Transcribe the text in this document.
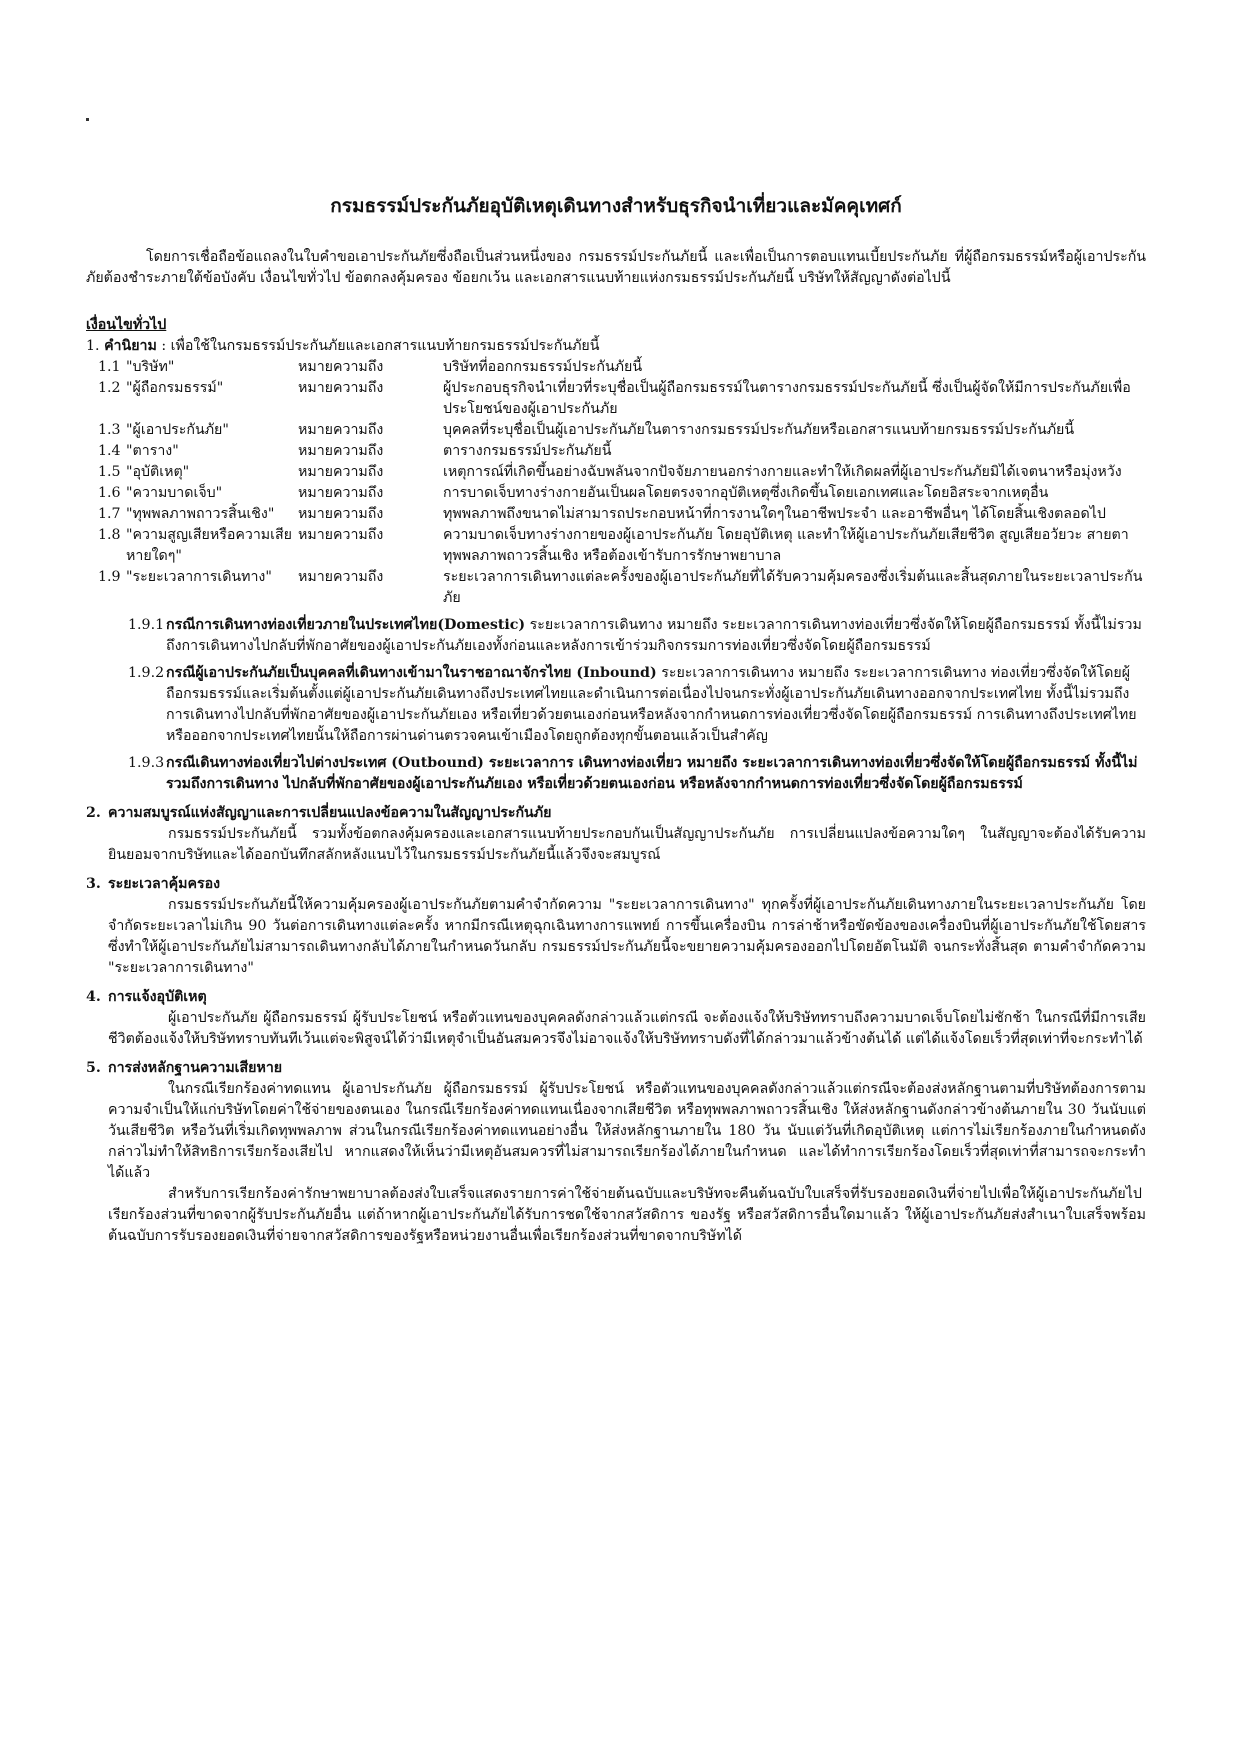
กรมธรรม์ประกันภัยอุบัติเหตุเดินทางสำหรับธุรกิจนำเที่ยวและมัคคุเทศก์

โดยการเชื่อถือข้อแถลงในใบคำขอเอาประกันภัยซึ่งถือเป็นส่วนหนึ่งของ กรมธรรม์ประกันภัยนี้ และเพื่อเป็นการตอบแทนเบี้ยประกันภัย ที่ผู้ถือกรมธรรม์หรือผู้เอาประกันภัยต้องชำระภายใต้ข้อบังคับ เงื่อนไขทั่วไป ข้อตกลงคุ้มครอง ข้อยกเว้น และเอกสารแนบท้ายแห่งกรมธรรม์ประกันภัยนี้ บริษัทให้สัญญาดังต่อไปนี้

เงื่อนไขทั่วไป

1. คำนิยาม : เพื่อใช้ในกรมธรรม์ประกันภัยและเอกสารแนบท้ายกรมธรรม์ประกันภัยนี้

1.1 "บริษัท"	หมายความถึง	บริษัทที่ออกกรมธรรม์ประกันภัยนี้
1.2 "ผู้ถือกรมธรรม์"	หมายความถึง	ผู้ประกอบธุรกิจนำเที่ยวที่ระบุชื่อเป็นผู้ถือกรมธรรม์ในตารางกรมธรรม์ประกันภัยนี้ ซึ่งเป็นผู้จัดให้มีการประกันภัยเพื่อประโยชน์ของผู้เอาประกันภัย
1.3 "ผู้เอาประกันภัย"	หมายความถึง	บุคคลที่ระบุชื่อเป็นผู้เอาประกันภัยในตารางกรมธรรม์ประกันภัยหรือเอกสารแนบท้ายกรมธรรม์ประกันภัยนี้
1.4 "ตาราง"	หมายความถึง	ตารางกรมธรรม์ประกันภัยนี้
1.5 "อุบัติเหตุ"	หมายความถึง	เหตุการณ์ที่เกิดขึ้นอย่างฉับพลันจากปัจจัยภายนอกร่างกายและทำให้เกิดผลที่ผู้เอาประกันภัยมิได้เจตนาหรือมุ่งหวัง
1.6 "ความบาดเจ็บ"	หมายความถึง	การบาดเจ็บทางร่างกายอันเป็นผลโดยตรงจากอุบัติเหตุซึ่งเกิดขึ้นโดยเอกเทศและโดยอิสระจากเหตุอื่น
1.7 "ทุพพลภาพถาวรสิ้นเชิง"	หมายความถึง	ทุพพลภาพถึงขนาดไม่สามารถประกอบหน้าที่การงานใดๆในอาชีพประจำ และอาชีพอื่นๆ ได้โดยสิ้นเชิงตลอดไป
1.8 "ความสูญเสียหรือความเสียหายใดๆ"
หมายความถึง	ความบาดเจ็บทางร่างกายของผู้เอาประกันภัย โดยอุบัติเหตุ และทำให้ผู้เอาประกันภัยเสียชีวิต สูญเสียอวัยวะ สายตา ทุพพลภาพถาวรสิ้นเชิง หรือต้องเข้ารับการรักษาพยาบาล
1.9 "ระยะเวลาการเดินทาง"	หมายความถึง	ระยะเวลาการเดินทางแต่ละครั้งของผู้เอาประกันภัยที่ได้รับความคุ้มครองซึ่งเริ่มต้นและสิ้นสุดภายในระยะเวลาประกันภัย
1.9.1 กรณีการเดินทางท่องเที่ยวภายในประเทศไทย(Domestic) ระยะเวลาการเดินทาง หมายถึง ระยะเวลาการเดินทางท่องเที่ยวซึ่งจัดให้โดยผู้ถือกรมธรรม์ ทั้งนี้ไม่รวมถึงการเดินทางไปกลับที่พักอาศัยของผู้เอาประกันภัยเองทั้งก่อนและหลังการเข้าร่วมกิจกรรมการท่องเที่ยวซึ่งจัดโดยผู้ถือกรมธรรม์
1.9.2 กรณีผู้เอาประกันภัยเป็นบุคคลที่เดินทางเข้ามาในราชอาณาจักรไทย (Inbound) ระยะเวลาการเดินทาง หมายถึง ระยะเวลาการเดินทาง ท่องเที่ยวซึ่งจัดให้โดยผู้ถือกรมธรรม์และเริ่มต้นตั้งแต่ผู้เอาประกันภัยเดินทางถึงประเทศไทยและดำเนินการต่อเนื่องไปจนกระทั่งผู้เอาประกันภัยเดินทางออกจากประเทศไทย ทั้งนี้ไม่รวมถึงการเดินทางไปกลับที่พักอาศัยของผู้เอาประกันภัยเอง หรือเที่ยวด้วยตนเองก่อนหรือหลังจากกำหนดการท่องเที่ยวซึ่งจัดโดยผู้ถือกรมธรรม์ การเดินทางถึงประเทศไทยหรือออกจากประเทศไทยนั้นให้ถือการผ่านด่านตรวจคนเข้าเมืองโดยถูกต้องทุกขั้นตอนแล้วเป็นสำคัญ
1.9.3 กรณีเดินทางท่องเที่ยวไปต่างประเทศ (Outbound) ระยะเวลาการ เดินทางท่องเที่ยว หมายถึง ระยะเวลาการเดินทางท่องเที่ยวซึ่งจัดให้โดยผู้ถือกรมธรรม์ ทั้งนี้ไม่รวมถึงการเดินทาง ไปกลับที่พักอาศัยของผู้เอาประกันภัยเอง หรือเที่ยวด้วยตนเองก่อน หรือหลังจากกำหนดการท่องเที่ยวซึ่งจัดโดยผู้ถือกรมธรรม์
2. ความสมบูรณ์แห่งสัญญาและการเปลี่ยนแปลงข้อความในสัญญาประกันภัย

กรมธรรม์ประกันภัยนี้ รวมทั้งข้อตกลงคุ้มครองและเอกสารแนบท้ายประกอบกันเป็นสัญญาประกันภัย การเปลี่ยนแปลงข้อความใดๆ ในสัญญาจะต้องได้รับความยินยอมจากบริษัทและได้ออกบันทึกสลักหลังแนบไว้ในกรมธรรม์ประกันภัยนี้แล้วจึงจะสมบูรณ์

3. ระยะเวลาคุ้มครอง

กรมธรรม์ประกันภัยนี้ให้ความคุ้มครองผู้เอาประกันภัยตามคำจำกัดความ "ระยะเวลาการเดินทาง" ทุกครั้งที่ผู้เอาประกันภัยเดินทางภายในระยะเวลาประกันภัย โดยจำกัดระยะเวลาไม่เกิน 90 วันต่อการเดินทางแต่ละครั้ง หากมีกรณีเหตุฉุกเฉินทางการแพทย์ การขึ้นเครื่องบิน การล่าช้าหรือขัดข้องของเครื่องบินที่ผู้เอาประกันภัยใช้โดยสาร ซึ่งทำให้ผู้เอาประกันภัยไม่สามารถเดินทางกลับได้ภายในกำหนดวันกลับ กรมธรรม์ประกันภัยนี้จะขยายความคุ้มครองออกไปโดยอัตโนมัติ จนกระทั่งสิ้นสุด ตามคำจำกัดความ "ระยะเวลาการเดินทาง"

4. การแจ้งอุบัติเหตุ

ผู้เอาประกันภัย ผู้ถือกรมธรรม์ ผู้รับประโยชน์ หรือตัวแทนของบุคคลดังกล่าวแล้วแต่กรณี จะต้องแจ้งให้บริษัททราบถึงความบาดเจ็บโดยไม่ชักช้า ในกรณีที่มีการเสียชีวิตต้องแจ้งให้บริษัททราบทันทีเว้นแต่จะพิสูจน์ได้ว่ามีเหตุจำเป็นอันสมควรจึงไม่อาจแจ้งให้บริษัททราบดังที่ได้กล่าวมาแล้วข้างต้นได้ แต่ได้แจ้งโดยเร็วที่สุดเท่าที่จะกระทำได้

5. การส่งหลักฐานความเสียหาย

ในกรณีเรียกร้องค่าทดแทน ผู้เอาประกันภัย ผู้ถือกรมธรรม์ ผู้รับประโยชน์ หรือตัวแทนของบุคคลดังกล่าวแล้วแต่กรณีจะต้องส่งหลักฐานตามที่บริษัทต้องการตามความจำเป็นให้แก่บริษัทโดยค่าใช้จ่ายของตนเอง ในกรณีเรียกร้องค่าทดแทนเนื่องจากเสียชีวิต หรือทุพพลภาพถาวรสิ้นเชิง ให้ส่งหลักฐานดังกล่าวข้างต้นภายใน 30 วันนับแต่วันเสียชีวิต หรือวันที่เริ่มเกิดทุพพลภาพ ส่วนในกรณีเรียกร้องค่าทดแทนอย่างอื่น ให้ส่งหลักฐานภายใน 180 วัน นับแต่วันที่เกิดอุบัติเหตุ แต่การไม่เรียกร้องภายในกำหนดดังกล่าวไม่ทำให้สิทธิการเรียกร้องเสียไป หากแสดงให้เห็นว่ามีเหตุอันสมควรที่ไม่สามารถเรียกร้องได้ภายในกำหนด และได้ทำการเรียกร้องโดยเร็วที่สุดเท่าที่สามารถจะกระทำได้แล้ว

สำหรับการเรียกร้องค่ารักษาพยาบาลต้องส่งใบเสร็จแสดงรายการค่าใช้จ่ายต้นฉบับและบริษัทจะคืนต้นฉบับใบเสร็จที่รับรองยอดเงินที่จ่ายไปเพื่อให้ผู้เอาประกันภัยไปเรียกร้องส่วนที่ขาดจากผู้รับประกันภัยอื่น แต่ถ้าหากผู้เอาประกันภัยได้รับการชดใช้จากสวัสดิการ ของรัฐ หรือสวัสดิการอื่นใดมาแล้ว ให้ผู้เอาประกันภัยส่งสำเนาใบเสร็จพร้อมต้นฉบับการรับรองยอดเงินที่จ่ายจากสวัสดิการของรัฐหรือหน่วยงานอื่นเพื่อเรียกร้องส่วนที่ขาดจากบริษัทได้
